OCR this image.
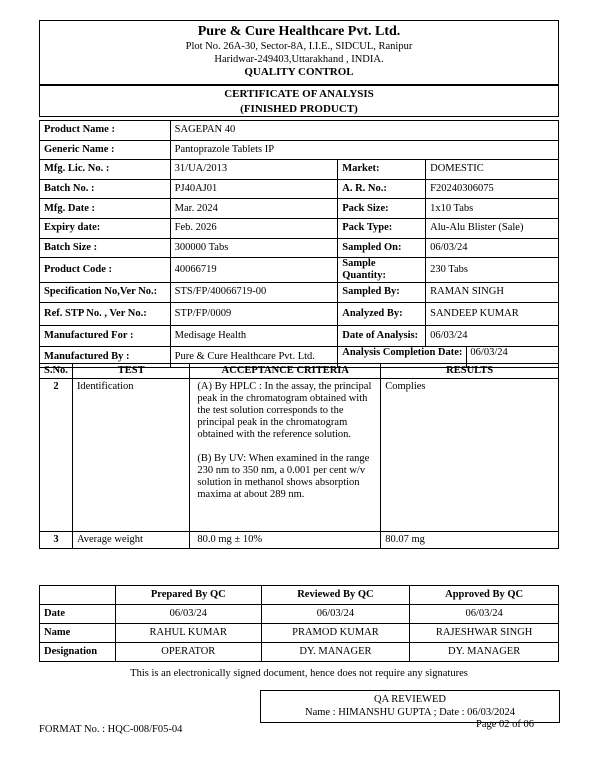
Pure & Cure Healthcare Pvt. Ltd.
Plot No. 26A-30, Sector-8A, I.I.E., SIDCUL, Ranipur
Haridwar-249403,Uttarakhand , INDIA.
QUALITY CONTROL
CERTIFICATE OF ANALYSIS
(FINISHED PRODUCT)
Product Name :	SAGEPAN 40		
Generic Name :	Pantoprazole Tablets IP		
Mfg. Lic. No. :	31/UA/2013	Market:	DOMESTIC
Batch No. :	PJ40AJ01	A. R. No.:	F20240306075
Mfg. Date :	Mar. 2024	Pack Size:	1x10 Tabs
Expiry date:	Feb. 2026	Pack Type:	Alu-Alu Blister (Sale)
Batch Size :	300000 Tabs	Sampled On:	06/03/24
Product Code :	40066719	Sample Quantity:	230 Tabs
Specification No,Ver No.:	STS/FP/40066719-00	Sampled By:	RAMAN SINGH
Ref. STP No. , Ver No.:	STP/FP/0009	Analyzed By:	SANDEEP KUMAR
Manufactured For :	Medisage Health	Date of Analysis:	06/03/24
Manufactured By :	Pure & Cure Healthcare Pvt. Ltd.	Analysis Completion Date: 06/03/24	
S.No.	TEST	ACCEPTANCE CRITERIA	RESULTS
2	Identification	(A) By HPLC : In the assay, the principal peak in the chromatogram obtained with the test solution corresponds to the principal peak in the chromatogram obtained with the reference solution.

(B) By UV: When examined in the range 230 nm to 350 nm, a 0.001 per cent w/v solution in methanol shows absorption maxima at about 289 nm.	Complies
3	Average weight	80.0 mg ± 10%	80.07 mg
	Prepared By QC	Reviewed By QC	Approved By QC
Date	06/03/24	06/03/24	06/03/24
Name	RAHUL KUMAR	PRAMOD KUMAR	RAJESHWAR SINGH
Designation	OPERATOR	DY. MANAGER	DY. MANAGER
This is an electronically signed document, hence does not require any signatures
QA REVIEWED
Name : HIMANSHU GUPTA ; Date : 06/03/2024
FORMAT No. : HQC-008/F05-04	Page 02 of 06
